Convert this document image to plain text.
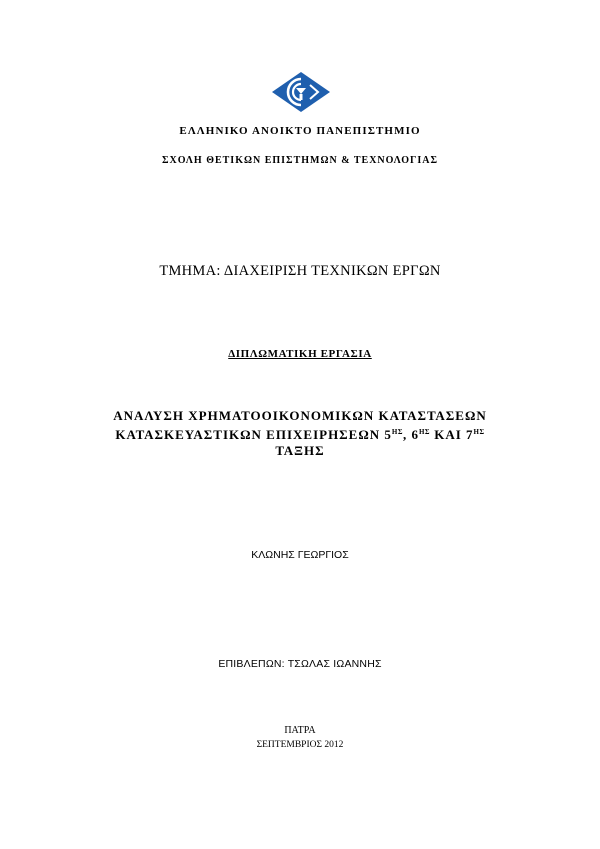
ΕΛΛΗΝΙΚΟ ΑΝΟΙΚΤΟ ΠΑΝΕΠΙΣΤΗΜΙΟ
ΣΧΟΛΗ ΘΕΤΙΚΩΝ ΕΠΙΣΤΗΜΩΝ & ΤΕΧΝΟΛΟΓΙΑΣ
ΤΜΗΜΑ: ΔΙΑΧΕΙΡΙΣΗ ΤΕΧΝΙΚΩΝ ΕΡΓΩΝ
ΔΙΠΛΩΜΑΤΙΚΗ ΕΡΓΑΣΙΑ
ΑΝΑΛΥΣΗ ΧΡΗΜΑΤΟΟΙΚΟΝΟΜΙΚΩΝ ΚΑΤΑΣΤΑΣΕΩΝ
ΚΑΤΑΣΚΕΥΑΣΤΙΚΩΝ ΕΠΙΧΕΙΡΗΣΕΩΝ $5^{H\Sigma}$, $6^{H\Sigma}$ ΚΑΙ $7^{H\Sigma}$
ΤΑΞΗΣ
ΚΛΩΝΗΣ ΓΕΩΡΓΙΟΣ
ΕΠΙΒΛΕΠΩΝ: ΤΣΩΛΑΣ ΙΩΑΝΝΗΣ
ΠΑΤΡΑ
ΣΕΠΤΕΜΒΡΙΟΣ 2012
